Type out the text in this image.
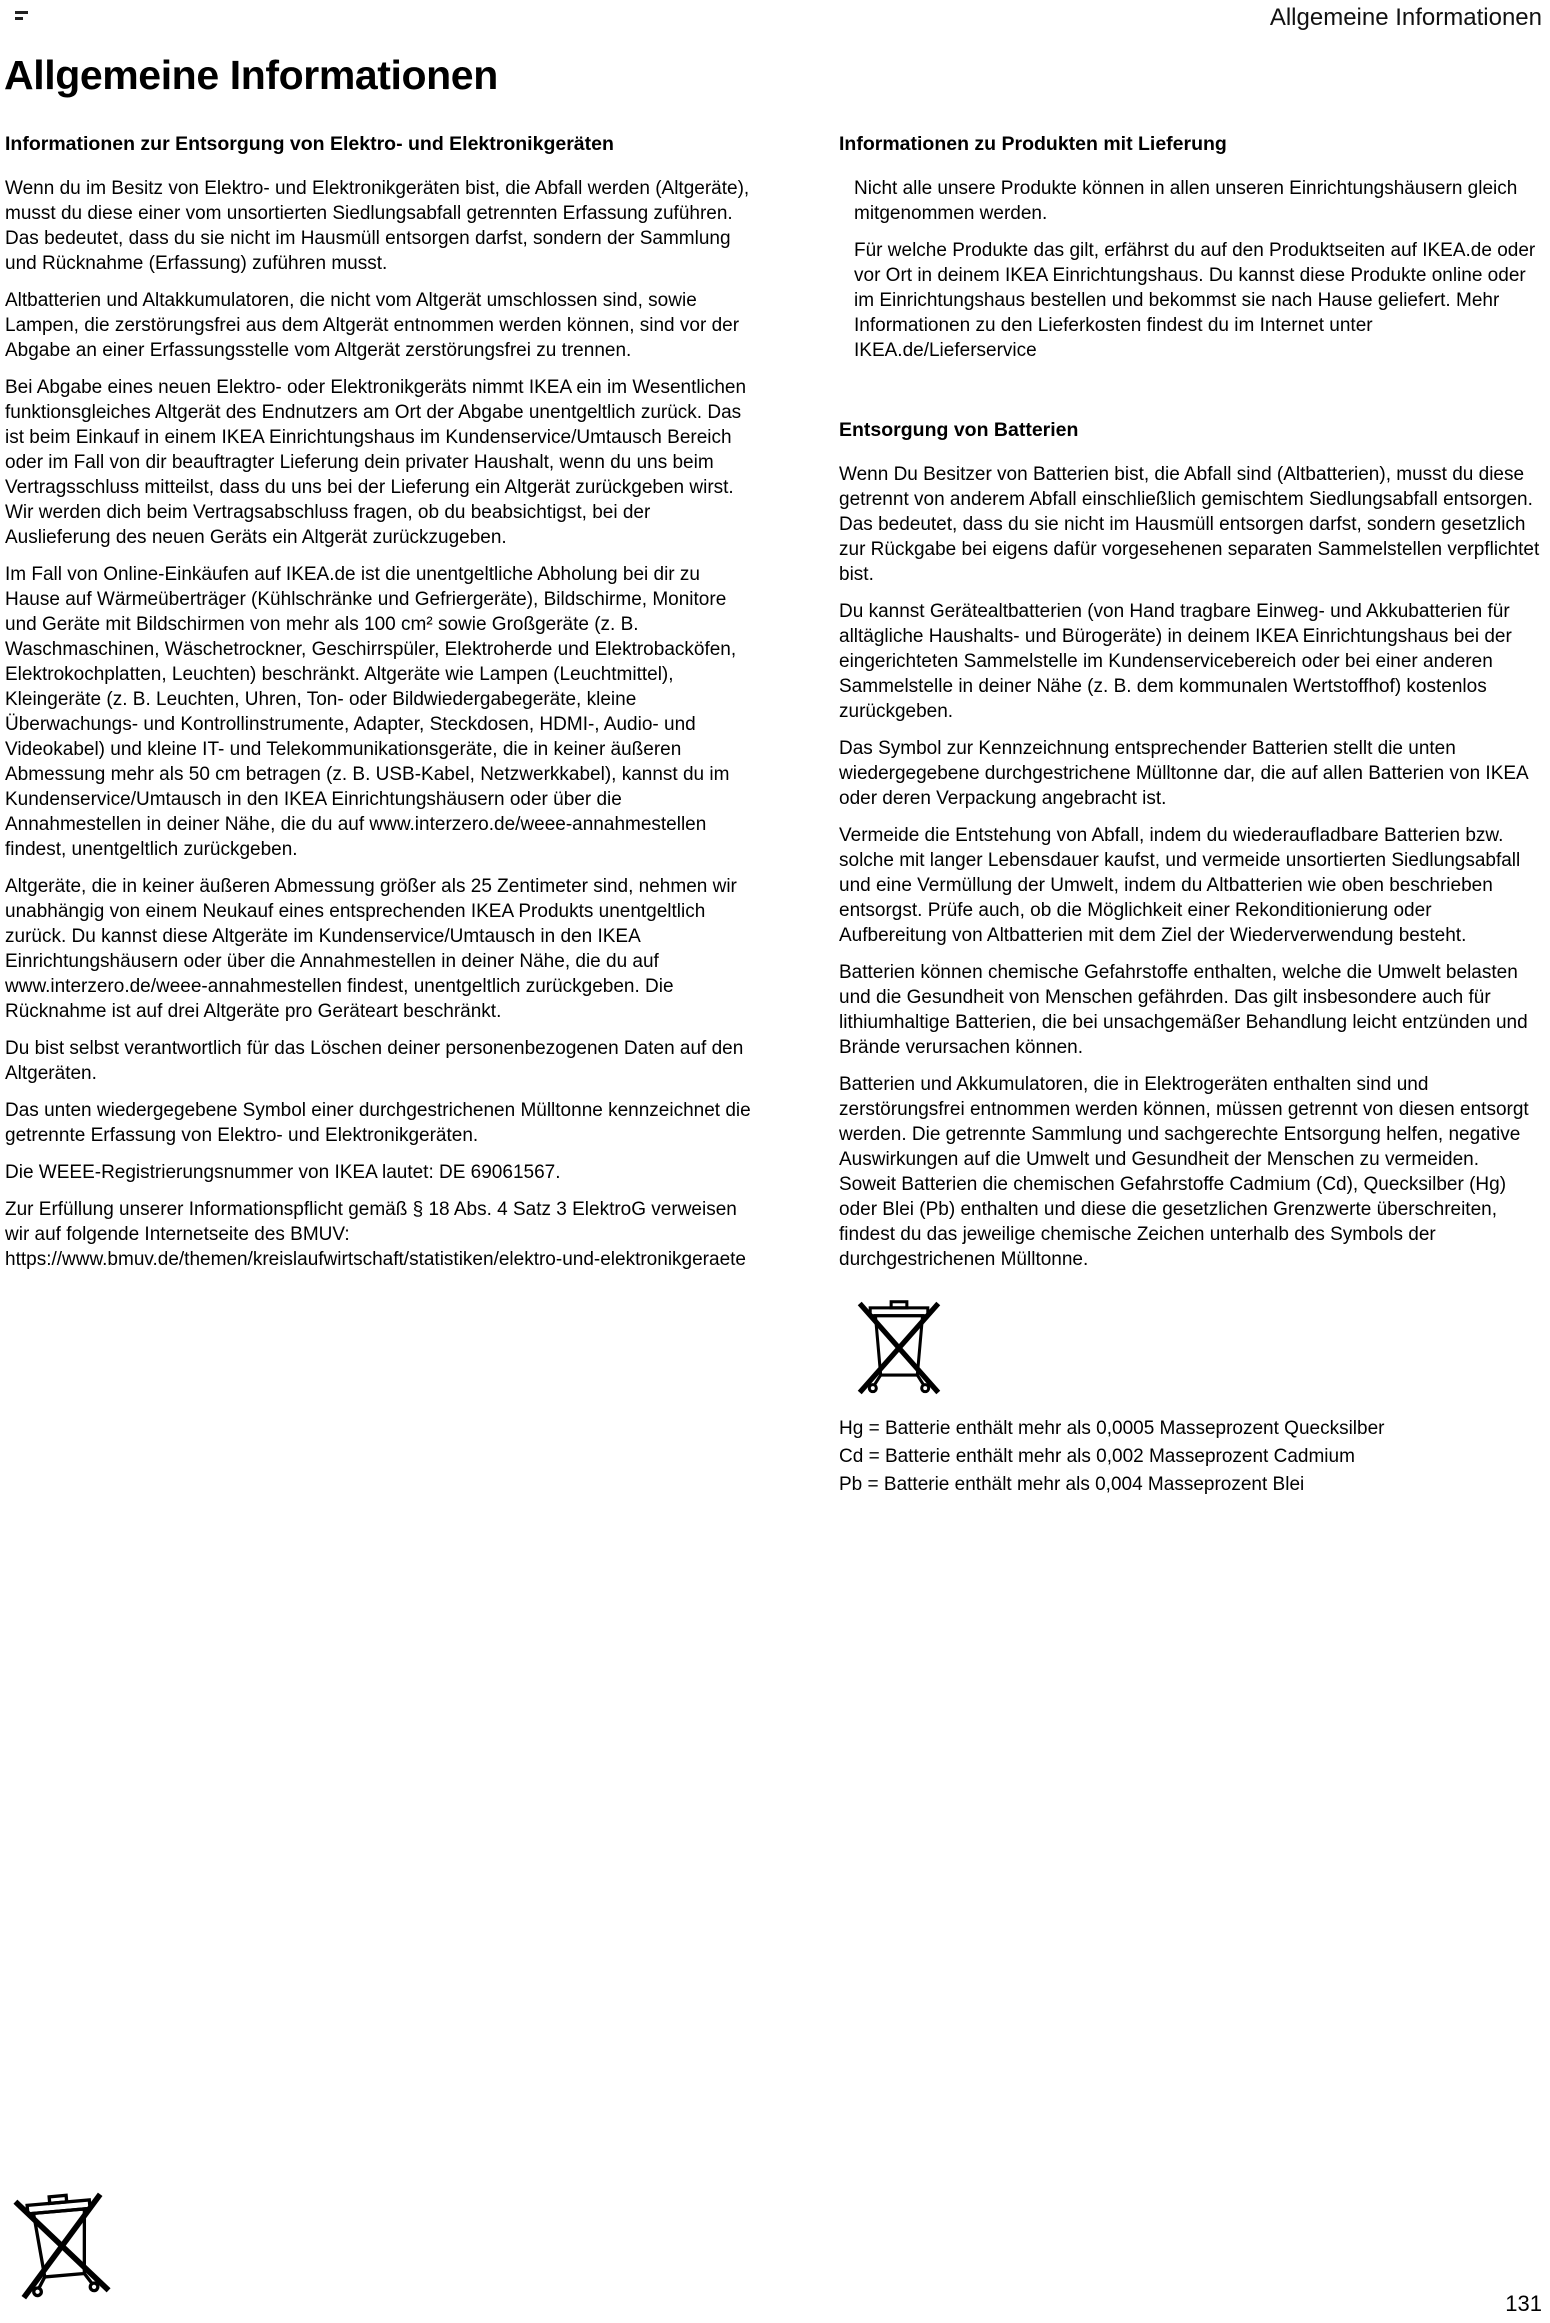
Allgemeine Informationen
Allgemeine Informationen
Informationen zur Entsorgung von Elektro- und Elektronikgeräten

Wenn du im Besitz von Elektro- und Elektronikgeräten bist, die Abfall werden (Altgeräte), musst du diese einer vom unsortierten Siedlungsabfall getrennten Erfassung zuführen. Das bedeutet, dass du sie nicht im Hausmüll entsorgen darfst, sondern der Sammlung und Rücknahme (Erfassung) zuführen musst.

Altbatterien und Altakkumulatoren, die nicht vom Altgerät umschlossen sind, sowie Lampen, die zerstörungsfrei aus dem Altgerät entnommen werden können, sind vor der Abgabe an einer Erfassungsstelle vom Altgerät zerstörungsfrei zu trennen.

Bei Abgabe eines neuen Elektro- oder Elektronikgeräts nimmt IKEA ein im Wesentlichen funktionsgleiches Altgerät des Endnutzers am Ort der Abgabe unentgeltlich zurück. Das ist beim Einkauf in einem IKEA Einrichtungshaus im Kundenservice/Umtausch Bereich oder im Fall von dir beauftragter Lieferung dein privater Haushalt, wenn du uns beim Vertragsschluss mitteilst, dass du uns bei der Lieferung ein Altgerät zurückgeben wirst. Wir werden dich beim Vertragsabschluss fragen, ob du beabsichtigst, bei der Auslieferung des neuen Geräts ein Altgerät zurückzugeben.

Im Fall von Online-Einkäufen auf IKEA.de ist die unentgeltliche Abholung bei dir zu Hause auf Wärmeüberträger (Kühlschränke und Gefriergeräte), Bildschirme, Monitore und Geräte mit Bildschirmen von mehr als 100 cm² sowie Großgeräte (z. B. Waschmaschinen, Wäschetrockner, Geschirrspüler, Elektroherde und Elektrobacköfen, Elektrokochplatten, Leuchten) beschränkt. Altgeräte wie Lampen (Leuchtmittel), Kleingeräte (z. B. Leuchten, Uhren, Ton- oder Bildwiedergabegeräte, kleine Überwachungs- und Kontrollinstrumente, Adapter, Steckdosen, HDMI-, Audio- und Videokabel) und kleine IT- und Telekommunikationsgeräte, die in keiner äußeren Abmessung mehr als 50 cm betragen (z. B. USB-Kabel, Netzwerkkabel), kannst du im Kundenservice/Umtausch in den IKEA Einrichtungshäusern oder über die Annahmestellen in deiner Nähe, die du auf www.interzero.de/weee-annahmestellen findest, unentgeltlich zurückgeben.

Altgeräte, die in keiner äußeren Abmessung größer als 25 Zentimeter sind, nehmen wir unabhängig von einem Neukauf eines entsprechenden IKEA Produkts unentgeltlich zurück. Du kannst diese Altgeräte im Kundenservice/Umtausch in den IKEA Einrichtungshäusern oder über die Annahmestellen in deiner Nähe, die du auf www.interzero.de/weee-annahmestellen findest, unentgeltlich zurückgeben. Die Rücknahme ist auf drei Altgeräte pro Geräteart beschränkt.

Du bist selbst verantwortlich für das Löschen deiner personenbezogenen Daten auf den Altgeräten.

Das unten wiedergegebene Symbol einer durchgestrichenen Mülltonne kennzeichnet die getrennte Erfassung von Elektro- und Elektronikgeräten.

Die WEEE-Registrierungsnummer von IKEA lautet: DE 69061567.

Zur Erfüllung unserer Informationspflicht gemäß § 18 Abs. 4 Satz 3 ElektroG verweisen wir auf folgende Internetseite des BMUV: https://www.bmuv.de/themen/kreislaufwirtschaft/statistiken/elektro-und-elektronikgeraete

Informationen zu Produkten mit Lieferung

Nicht alle unsere Produkte können in allen unseren Einrichtungshäusern gleich mitgenommen werden.

Für welche Produkte das gilt, erfährst du auf den Produktseiten auf IKEA.de oder vor Ort in deinem IKEA Einrichtungshaus. Du kannst diese Produkte online oder im Einrichtungshaus bestellen und bekommst sie nach Hause geliefert. Mehr Informationen zu den Lieferkosten findest du im Internet unter IKEA.de/Lieferservice

Entsorgung von Batterien

Wenn Du Besitzer von Batterien bist, die Abfall sind (Altbatterien), musst du diese getrennt von anderem Abfall einschließlich gemischtem Siedlungsabfall entsorgen. Das bedeutet, dass du sie nicht im Hausmüll entsorgen darfst, sondern gesetzlich zur Rückgabe bei eigens dafür vorgesehenen separaten Sammelstellen verpflichtet bist.

Du kannst Gerätealtbatterien (von Hand tragbare Einweg- und Akkubatterien für alltägliche Haushalts- und Bürogeräte) in deinem IKEA Einrichtungshaus bei der eingerichteten Sammelstelle im Kundenservicebereich oder bei einer anderen Sammelstelle in deiner Nähe (z. B. dem kommunalen Wertstoffhof) kostenlos zurückgeben.

Das Symbol zur Kennzeichnung entsprechender Batterien stellt die unten wiedergegebene durchgestrichene Mülltonne dar, die auf allen Batterien von IKEA oder deren Verpackung angebracht ist.

Vermeide die Entstehung von Abfall, indem du wiederaufladbare Batterien bzw. solche mit langer Lebensdauer kaufst, und vermeide unsortierten Siedlungsabfall und eine Vermüllung der Umwelt, indem du Altbatterien wie oben beschrieben entsorgst. Prüfe auch, ob die Möglichkeit einer Rekonditionierung oder Aufbereitung von Altbatterien mit dem Ziel der Wiederverwendung besteht.

Batterien können chemische Gefahrstoffe enthalten, welche die Umwelt belasten und die Gesundheit von Menschen gefährden. Das gilt insbesondere auch für lithiumhaltige Batterien, die bei unsachgemäßer Behandlung leicht entzünden und Brände verursachen können.

Batterien und Akkumulatoren, die in Elektrogeräten enthalten sind und zerstörungsfrei entnommen werden können, müssen getrennt von diesen entsorgt werden. Die getrennte Sammlung und sachgerechte Entsorgung helfen, negative Auswirkungen auf die Umwelt und Gesundheit der Menschen zu vermeiden. Soweit Batterien die chemischen Gefahrstoffe Cadmium (Cd), Quecksilber (Hg) oder Blei (Pb) enthalten und diese die gesetzlichen Grenzwerte überschreiten, findest du das jeweilige chemische Zeichen unterhalb des Symbols der durchgestrichenen Mülltonne.

Hg = Batterie enthält mehr als 0,0005 Masseprozent Quecksilber

Cd = Batterie enthält mehr als 0,002 Masseprozent Cadmium

Pb = Batterie enthält mehr als 0,004 Masseprozent Blei

131
